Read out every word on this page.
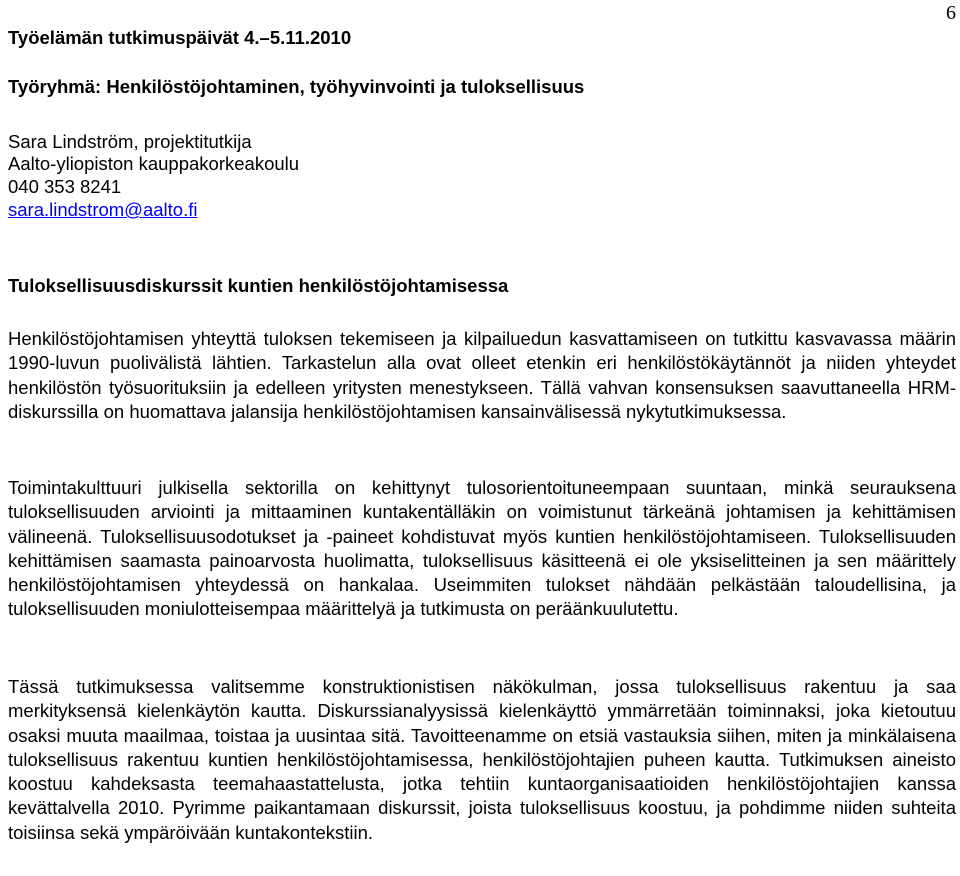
6

Työelämän tutkimuspäivät 4.–5.11.2010

Työryhmä: Henkilöstöjohtaminen, työhyvinvointi ja tuloksellisuus

Sara Lindström, projektitutkija

Aalto-yliopiston kauppakorkeakoulu

040 353 8241

sara.lindstrom@aalto.fi

Tuloksellisuusdiskurssit kuntien henkilöstöjohtamisessa

Henkilöstöjohtamisen yhteyttä tuloksen tekemiseen ja kilpailuedun kasvattamiseen on tutkittu kasvavassa määrin 1990-luvun puolivälistä lähtien. Tarkastelun alla ovat olleet etenkin eri henkilöstökäytännöt ja niiden yhteydet henkilöstön työsuorituksiin ja edelleen yritysten menestykseen. Tällä vahvan konsensuksen saavuttaneella HRM-diskurssilla on huomattava jalansija henkilöstöjohtamisen kansainvälisessä nykytutkimuksessa.

Toimintakulttuuri julkisella sektorilla on kehittynyt tulosorientoituneempaan suuntaan, minkä seurauksena tuloksellisuuden arviointi ja mittaaminen kuntakentälläkin on voimistunut tärkeänä johtamisen ja kehittämisen välineenä. Tuloksellisuusodotukset ja -paineet kohdistuvat myös kuntien henkilöstöjohtamiseen. Tuloksellisuuden kehittämisen saamasta painoarvosta huolimatta, tuloksellisuus käsitteenä ei ole yksiselitteinen ja sen määrittely henkilöstöjohtamisen yhteydessä on hankalaa. Useimmiten tulokset nähdään pelkästään taloudellisina, ja tuloksellisuuden moniulotteisempaa määrittelyä ja tutkimusta on peräänkuulutettu.

Tässä tutkimuksessa valitsemme konstruktionistisen näkökulman, jossa tuloksellisuus rakentuu ja saa merkityksensä kielenkäytön kautta. Diskurssianalyysissä kielenkäyttö ymmärretään toiminnaksi, joka kietoutuu osaksi muuta maailmaa, toistaa ja uusintaa sitä. Tavoitteenamme on etsiä vastauksia siihen, miten ja minkälaisena tuloksellisuus rakentuu kuntien henkilöstöjohtamisessa, henkilöstöjohtajien puheen kautta. Tutkimuksen aineisto koostuu kahdeksasta teemahaastattelusta, jotka tehtiin kuntaorganisaatioiden henkilöstöjohtajien kanssa kevättalvella 2010. Pyrimme paikantamaan diskurssit, joista tuloksellisuus koostuu, ja pohdimme niiden suhteita toisiinsa sekä ympäröivään kuntakontekstiin.
